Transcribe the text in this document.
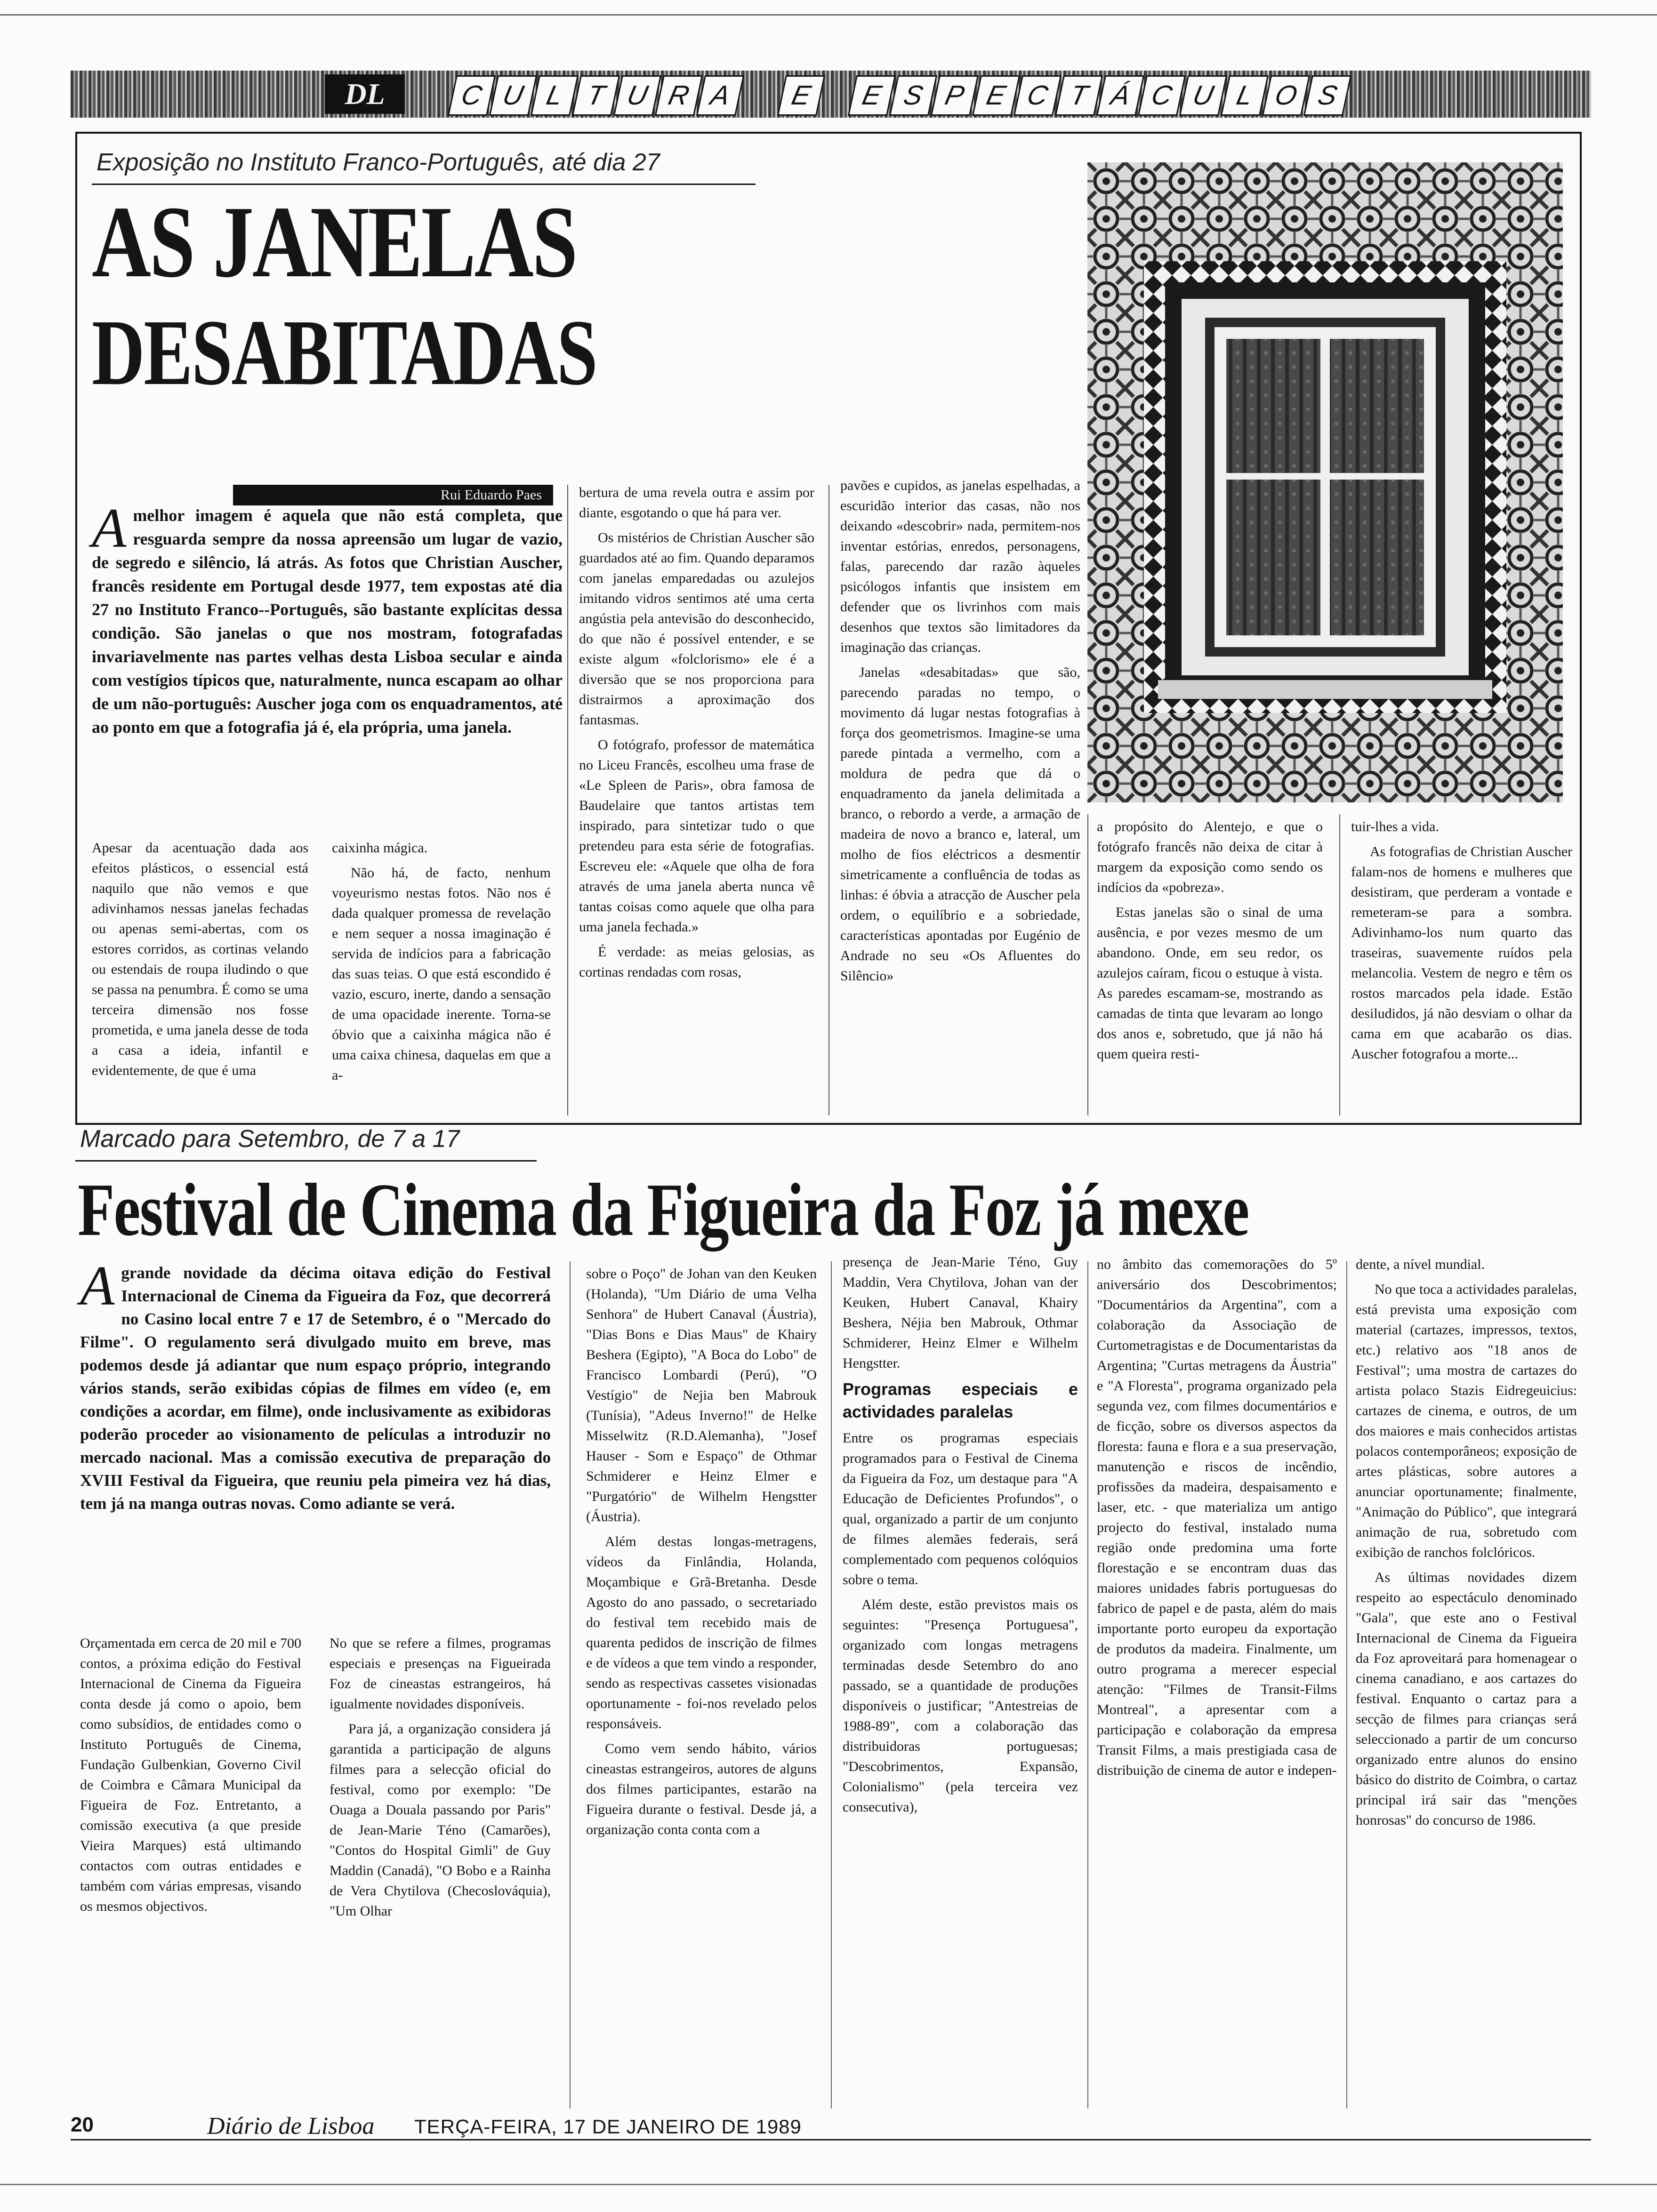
DL	C U L T U R A	E	E S P E C T Á C U L O S
Exposição no Instituto Franco-Português, até dia 27
AS JANELAS
DESABITADAS
Rui Eduardo Paes
Amelhor imagem é aquela que não está completa, que resguarda sempre da nossa apreensão um lugar de vazio, de segredo e silêncio, lá atrás. As fotos que Christian Auscher, francês residente em Portugal desde 1977, tem expostas até dia 27 no Instituto Franco--Português, são bastante explícitas dessa condição. São janelas o que nos mostram, fotografadas invariavelmente nas partes velhas desta Lisboa secular e ainda com vestígios típicos que, naturalmente, nunca escapam ao olhar de um não-português: Auscher joga com os enquadramentos, até ao ponto em que a fotografia já é, ela própria, uma janela.

Apesar da acentuação dada aos efeitos plásticos, o essencial está naquilo que não vemos e que adivinhamos nessas janelas fechadas ou apenas semi-abertas, com os estores corridos, as cortinas velando ou estendais de roupa iludindo o que se passa na penumbra. É como se uma terceira dimensão nos fosse prometida, e uma janela desse de toda a casa a ideia, infantil e evidentemente, de que é uma

caixinha mágica.

Não há, de facto, nenhum voyeurismo nestas fotos. Não nos é dada qualquer promessa de revelação e nem sequer a nossa imaginação é servida de indícios para a fabricação das suas teias. O que está escondido é vazio, escuro, inerte, dando a sensação de uma opacidade inerente. Torna-se óbvio que a caixinha mágica não é uma caixa chinesa, daquelas em que a a-

bertura de uma revela outra e assim por diante, esgotando o que há para ver.

Os mistérios de Christian Auscher são guardados até ao fim. Quando deparamos com janelas emparedadas ou azulejos imitando vidros sentimos até uma certa angústia pela antevisão do desconhecido, do que não é possível entender, e se existe algum «folclorismo» ele é a diversão que se nos proporciona para distrairmos a aproximação dos fantasmas.

O fotógrafo, professor de matemática no Liceu Francês, escolheu uma frase de «Le Spleen de Paris», obra famosa de Baudelaire que tantos artistas tem inspirado, para sintetizar tudo o que pretendeu para esta série de fotografias. Escreveu ele: «Aquele que olha de fora através de uma janela aberta nunca vê tantas coisas como aquele que olha para uma janela fechada.»

É verdade: as meias gelosias, as cortinas rendadas com rosas,

pavões e cupidos, as janelas espelhadas, a escuridão interior das casas, não nos deixando «descobrir» nada, permitem-nos inventar estórias, enredos, personagens, falas, parecendo dar razão àqueles psicólogos infantis que insistem em defender que os livrinhos com mais desenhos que textos são limitadores da imaginação das crianças.

Janelas «desabitadas» que são, parecendo paradas no tempo, o movimento dá lugar nestas fotografias à força dos geometrismos. Imagine-se uma parede pintada a vermelho, com a moldura de pedra que dá o enquadramento da janela delimitada a branco, o rebordo a verde, a armação de madeira de novo a branco e, lateral, um molho de fios eléctricos a desmentir simetricamente a confluência de todas as linhas: é óbvia a atracção de Auscher pela ordem, o equilíbrio e a sobriedade, características apontadas por Eugénio de Andrade no seu «Os Afluentes do Silêncio»

a propósito do Alentejo, e que o fotógrafo francês não deixa de citar à margem da exposição como sendo os indícios da «pobreza».

Estas janelas são o sinal de uma ausência, e por vezes mesmo de um abandono. Onde, em seu redor, os azulejos caíram, ficou o estuque à vista. As paredes escamam-se, mostrando as camadas de tinta que levaram ao longo dos anos e, sobretudo, que já não há quem queira resti-

tuir-lhes a vida.

As fotografias de Christian Auscher falam-nos de homens e mulheres que desistiram, que perderam a vontade e remeteram-se para a sombra. Adivinhamo-los num quarto das traseiras, suavemente ruídos pela melancolia. Vestem de negro e têm os rostos marcados pela idade. Estão desiludidos, já não desviam o olhar da cama em que acabarão os dias. Auscher fotografou a morte...

Marcado para Setembro, de 7 a 17
Festival de Cinema da Figueira da Foz já mexe
Agrande novidade da décima oitava edição do Festival Internacional de Cinema da Figueira da Foz, que decorrerá no Casino local entre 7 e 17 de Setembro, é o "Mercado do Filme". O regulamento será divulgado muito em breve, mas podemos desde já adiantar que num espaço próprio, integrando vários stands, serão exibidas cópias de filmes em vídeo (e, em condições a acordar, em filme), onde inclusivamente as exibidoras poderão proceder ao visionamento de películas a introduzir no mercado nacional. Mas a comissão executiva de preparação do XVIII Festival da Figueira, que reuniu pela pimeira vez há dias, tem já na manga outras novas. Como adiante se verá.

Orçamentada em cerca de 20 mil e 700 contos, a próxima edição do Festival Internacional de Cinema da Figueira conta desde já como o apoio, bem como subsídios, de entidades como o Instituto Português de Cinema, Fundação Gulbenkian, Governo Civil de Coimbra e Câmara Municipal da Figueira de Foz. Entretanto, a comissão executiva (a que preside Vieira Marques) está ultimando contactos com outras entidades e também com várias empresas, visando os mesmos objectivos.

No que se refere a filmes, programas especiais e presenças na Figueirada Foz de cineastas estrangeiros, há igualmente novidades disponíveis.

Para já, a organização considera já garantida a participação de alguns filmes para a selecção oficial do festival, como por exemplo: "De Ouaga a Douala passando por Paris" de Jean-Marie Téno (Camarões), "Contos do Hospital Gimli" de Guy Maddin (Canadá), "O Bobo e a Rainha de Vera Chytilova (Checoslováquia), "Um Olhar

sobre o Poço" de Johan van den Keuken (Holanda), "Um Diário de uma Velha Senhora" de Hubert Canaval (Áustria), "Dias Bons e Dias Maus" de Khairy Beshera (Egipto), "A Boca do Lobo" de Francisco Lombardi (Perú), "O Vestígio" de Nejia ben Mabrouk (Tunísia), "Adeus Inverno!" de Helke Misselwitz (R.D.Alemanha), "Josef Hauser - Som e Espaço" de Othmar Schmiderer e Heinz Elmer e "Purgatório" de Wilhelm Hengstter (Áustria).

Além destas longas-metragens, vídeos da Finlândia, Holanda, Moçambique e Grã-Bretanha. Desde Agosto do ano passado, o secretariado do festival tem recebido mais de quarenta pedidos de inscrição de filmes e de vídeos a que tem vindo a responder, sendo as respectivas cassetes visionadas oportunamente - foi-nos revelado pelos responsáveis.

Como vem sendo hábito, vários cineastas estrangeiros, autores de alguns dos filmes participantes, estarão na Figueira durante o festival. Desde já, a organização conta conta com a

presença de Jean-Marie Téno, Guy Maddin, Vera Chytilova, Johan van der Keuken, Hubert Canaval, Khairy Beshera, Néjia ben Mabrouk, Othmar Schmiderer, Heinz Elmer e Wilhelm Hengstter.

Programas especiais e actividades paralelas

Entre os programas especiais programados para o Festival de Cinema da Figueira da Foz, um destaque para "A Educação de Deficientes Profundos", o qual, organizado a partir de um conjunto de filmes alemães federais, será complementado com pequenos colóquios sobre o tema.

Além deste, estão previstos mais os seguintes: "Presença Portuguesa", organizado com longas metragens terminadas desde Setembro do ano passado, se a quantidade de produções disponíveis o justificar; "Antestreias de 1988-89", com a colaboração das distribuidoras portuguesas; "Descobrimentos, Expansão, Colonialismo" (pela terceira vez consecutiva),

no âmbito das comemorações do 5º aniversário dos Descobrimentos; "Documentários da Argentina", com a colaboração da Associação de Curtometragistas e de Documentaristas da Argentina; "Curtas metragens da Áustria" e "A Floresta", programa organizado pela segunda vez, com filmes documentários e de ficção, sobre os diversos aspectos da floresta: fauna e flora e a sua preservação, manutenção e riscos de incêndio, profissões da madeira, despaisamento e laser, etc. - que materializa um antigo projecto do festival, instalado numa região onde predomina uma forte florestação e se encontram duas das maiores unidades fabris portuguesas do fabrico de papel e de pasta, além do mais importante porto europeu da exportação de produtos da madeira. Finalmente, um outro programa a merecer especial atenção: "Filmes de Transit-Films Montreal", a apresentar com a participação e colaboração da empresa Transit Films, a mais prestigiada casa de distribuição de cinema de autor e indepen-

dente, a nível mundial.

No que toca a actividades paralelas, está prevista uma exposição com material (cartazes, impressos, textos, etc.) relativo aos "18 anos de Festival"; uma mostra de cartazes do artista polaco Stazis Eidregeuicius: cartazes de cinema, e outros, de um dos maiores e mais conhecidos artistas polacos contemporâneos; exposição de artes plásticas, sobre autores a anunciar oportunamente; finalmente, "Animação do Público", que integrará animação de rua, sobretudo com exibição de ranchos folclóricos.

As últimas novidades dizem respeito ao espectáculo denominado "Gala", que este ano o Festival Internacional de Cinema da Figueira da Foz aproveitará para homenagear o cinema canadiano, e aos cartazes do festival. Enquanto o cartaz para a secção de filmes para crianças será seleccionado a partir de um concurso organizado entre alunos do ensino básico do distrito de Coimbra, o cartaz principal irá sair das "menções honrosas" do concurso de 1986.

20	Diário de Lisboa TERÇA-FEIRA, 17 DE JANEIRO DE 1989
